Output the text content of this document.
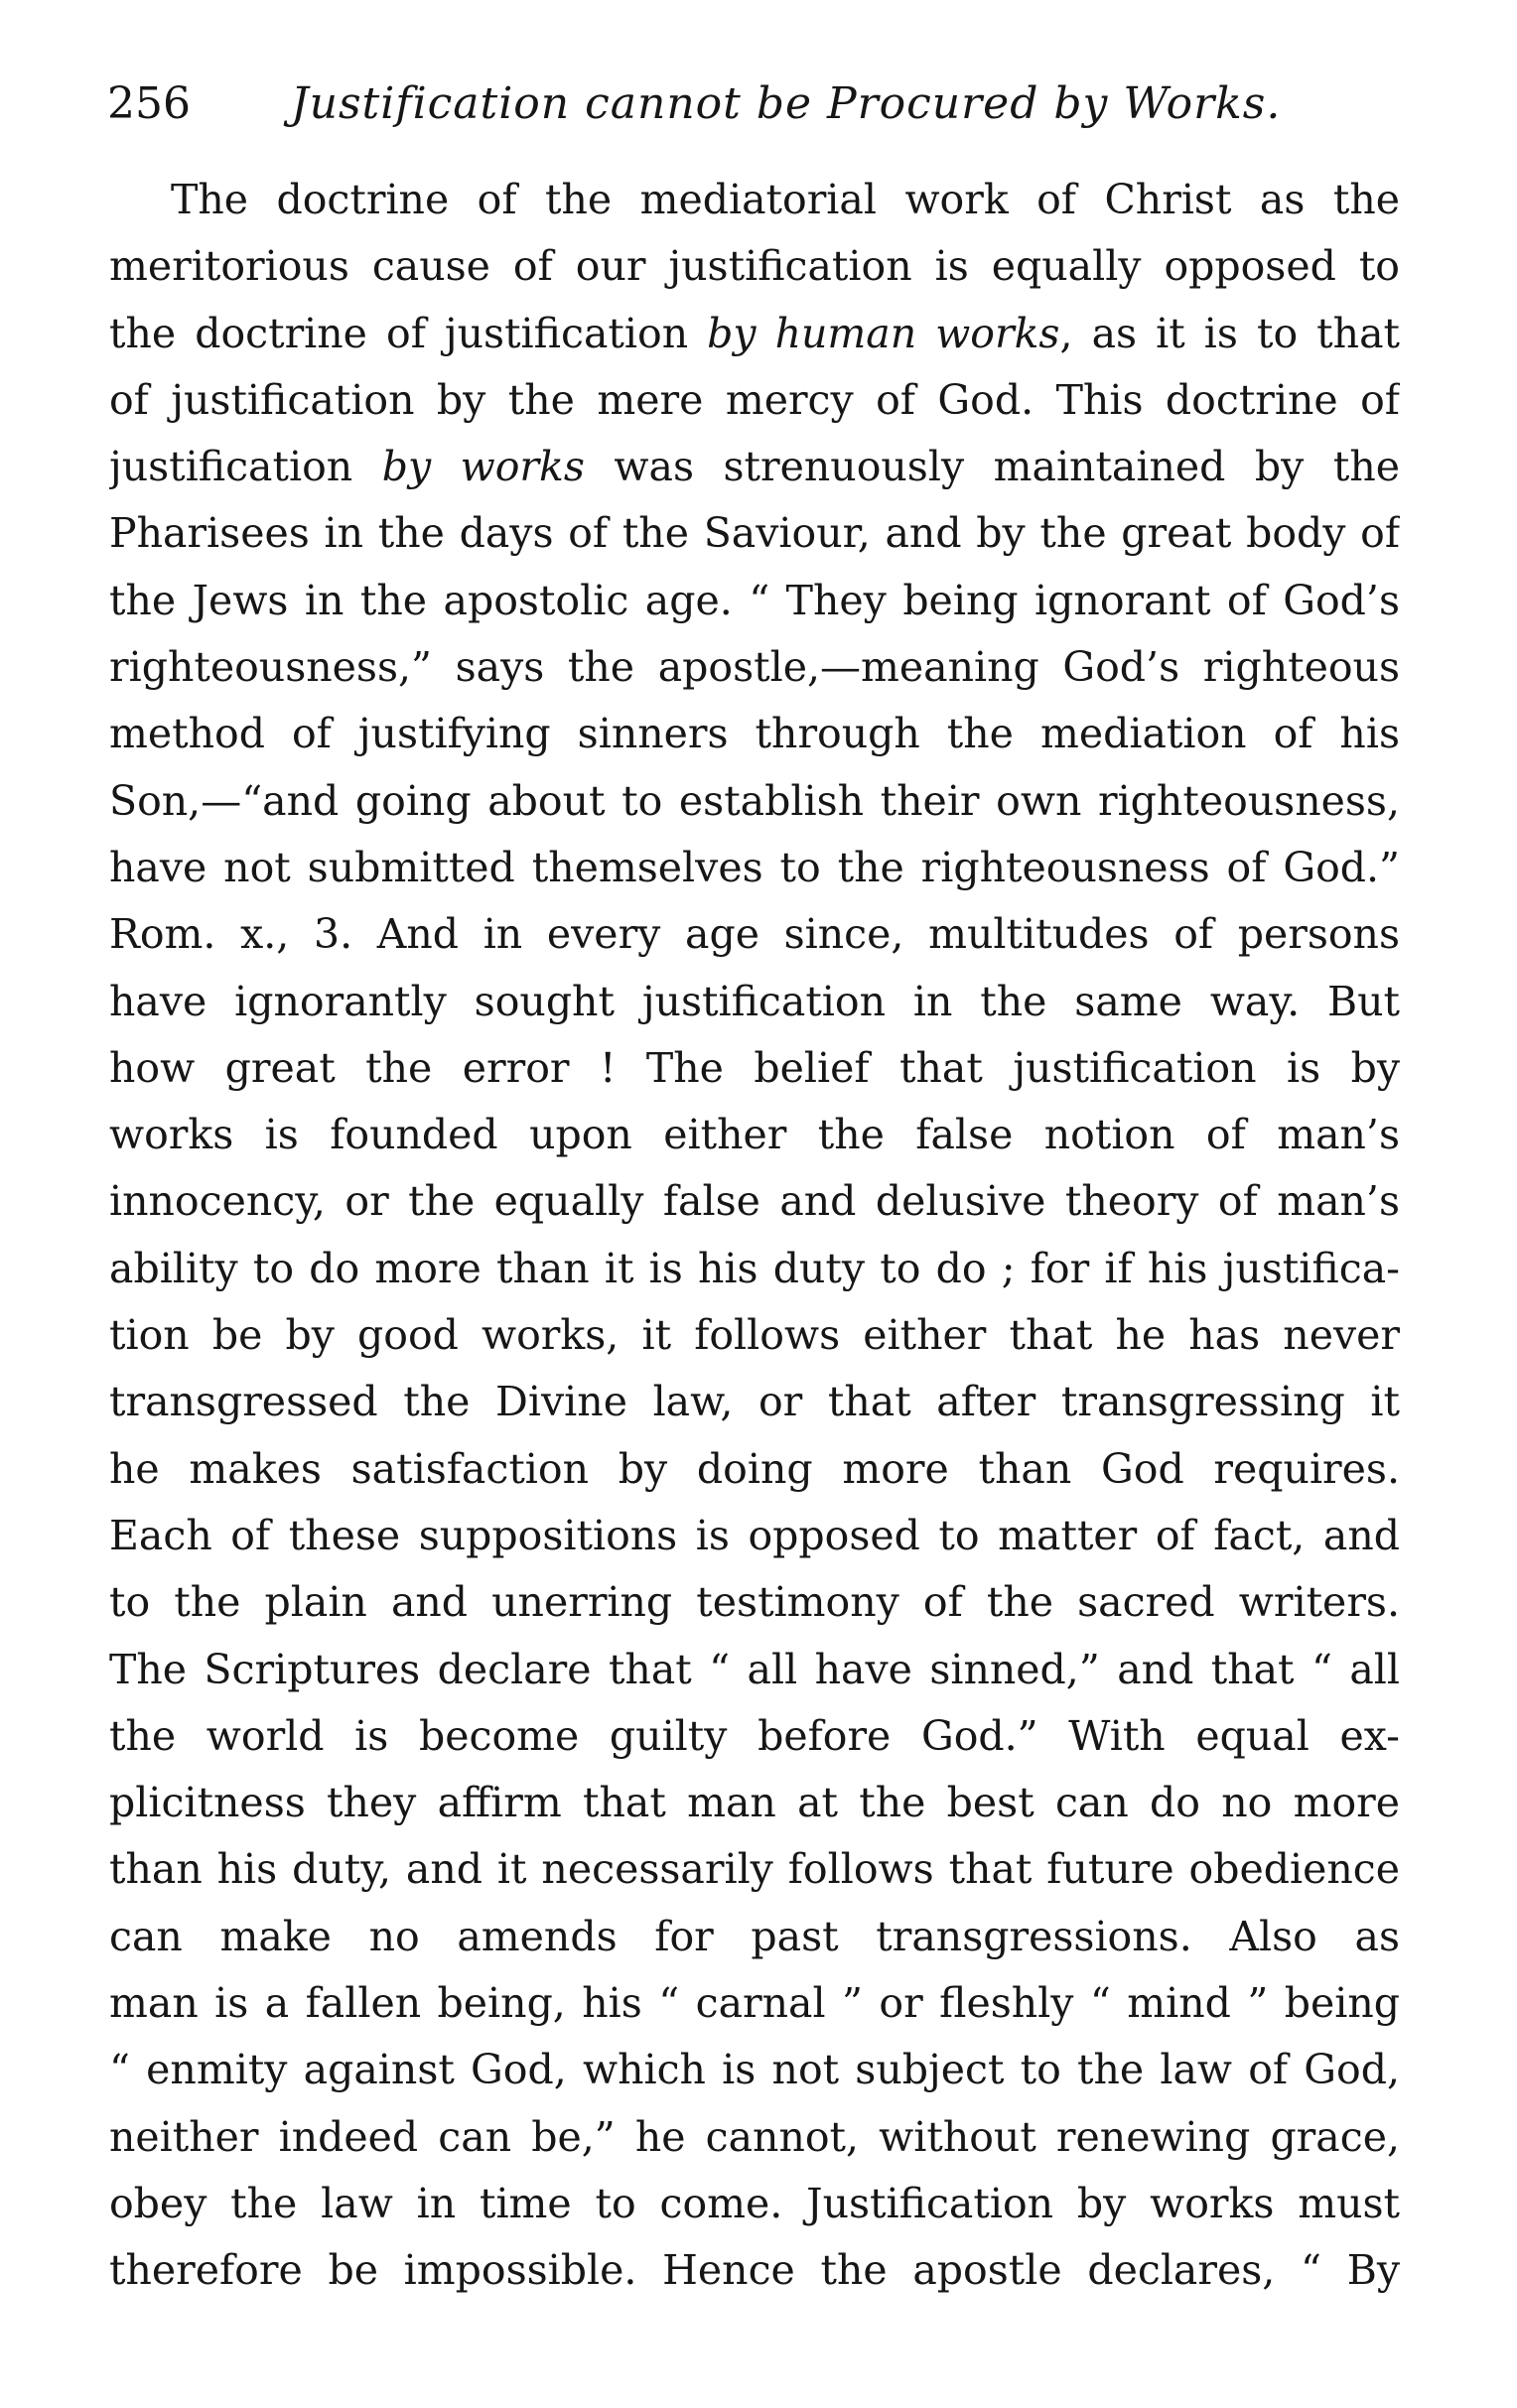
256 Justification cannot be Procured by Works.
The doctrine of the mediatorial work of Christ as the
meritorious cause of our justification is equally opposed to
the doctrine of justification by human works, as it is to that
of justification by the mere mercy of God. This doctrine of
justification by works was strenuously maintained by the
Pharisees in the days of the Saviour, and by the great body of
the Jews in the apostolic age. “ They being ignorant of God’s
righteousness,” says the apostle,—meaning God’s righteous
method of justifying sinners through the mediation of his
Son,—“and going about to establish their own righteousness,
have not submitted themselves to the righteousness of God.”
Rom. x., 3. And in every age since, multitudes of persons
have ignorantly sought justification in the same way. But
how great the error ! The belief that justification is by
works is founded upon either the false notion of man’s
innocency, or the equally false and delusive theory of man’s
ability to do more than it is his duty to do ; for if his justifica-
tion be by good works, it follows either that he has never
transgressed the Divine law, or that after transgressing it
he makes satisfaction by doing more than God requires.
Each of these suppositions is opposed to matter of fact, and
to the plain and unerring testimony of the sacred writers.
The Scriptures declare that “ all have sinned,” and that “ all
the world is become guilty before God.” With equal ex-
plicitness they affirm that man at the best can do no more
than his duty, and it necessarily follows that future obedience
can make no amends for past transgressions. Also as
man is a fallen being, his “ carnal ” or fleshly “ mind ” being
“ enmity against God, which is not subject to the law of God,
neither indeed can be,” he cannot, without renewing grace,
obey the law in time to come. Justification by works must
therefore be impossible. Hence the apostle declares, “ By
